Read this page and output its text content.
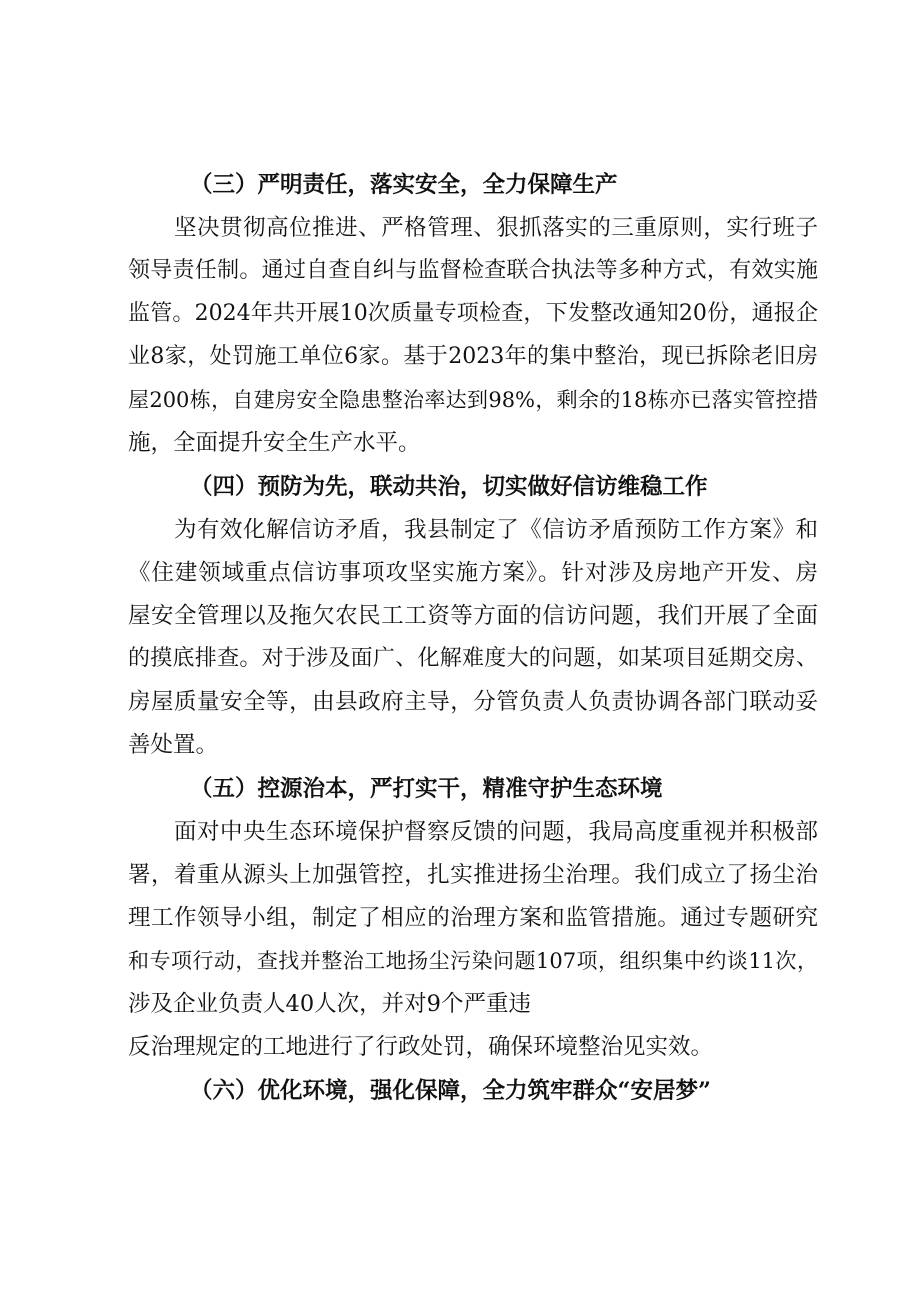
（三）严明责任，落实安全，全力保障生产
坚决贯彻高位推进、严格管理、狠抓落实的三重原则，实行班子
领导责任制。通过自查自纠与监督检查联合执法等多种方式，有效实施
监管。2024年共开展10次质量专项检查，下发整改通知20份，通报企
业8家，处罚施工单位6家。基于2023年的集中整治，现已拆除老旧房
屋200栋，自建房安全隐患整治率达到98%，剩余的18栋亦已落实管控措
施，全面提升安全生产水平。
（四）预防为先，联动共治，切实做好信访维稳工作
为有效化解信访矛盾，我县制定了《信访矛盾预防工作方案》和
《住建领域重点信访事项攻坚实施方案》。针对涉及房地产开发、房
屋安全管理以及拖欠农民工工资等方面的信访问题，我们开展了全面
的摸底排查。对于涉及面广、化解难度大的问题，如某项目延期交房、
房屋质量安全等，由县政府主导，分管负责人负责协调各部门联动妥
善处置。
（五）控源治本，严打实干，精准守护生态环境
面对中央生态环境保护督察反馈的问题，我局高度重视并积极部
署，着重从源头上加强管控，扎实推进扬尘治理。我们成立了扬尘治
理工作领导小组，制定了相应的治理方案和监管措施。通过专题研究
和专项行动，查找并整治工地扬尘污染问题107项，组织集中约谈11次，
涉及企业负责人40人次，并对9个严重违
反治理规定的工地进行了行政处罚，确保环境整治见实效。
（六）优化环境，强化保障，全力筑牢群众“安居梦”
